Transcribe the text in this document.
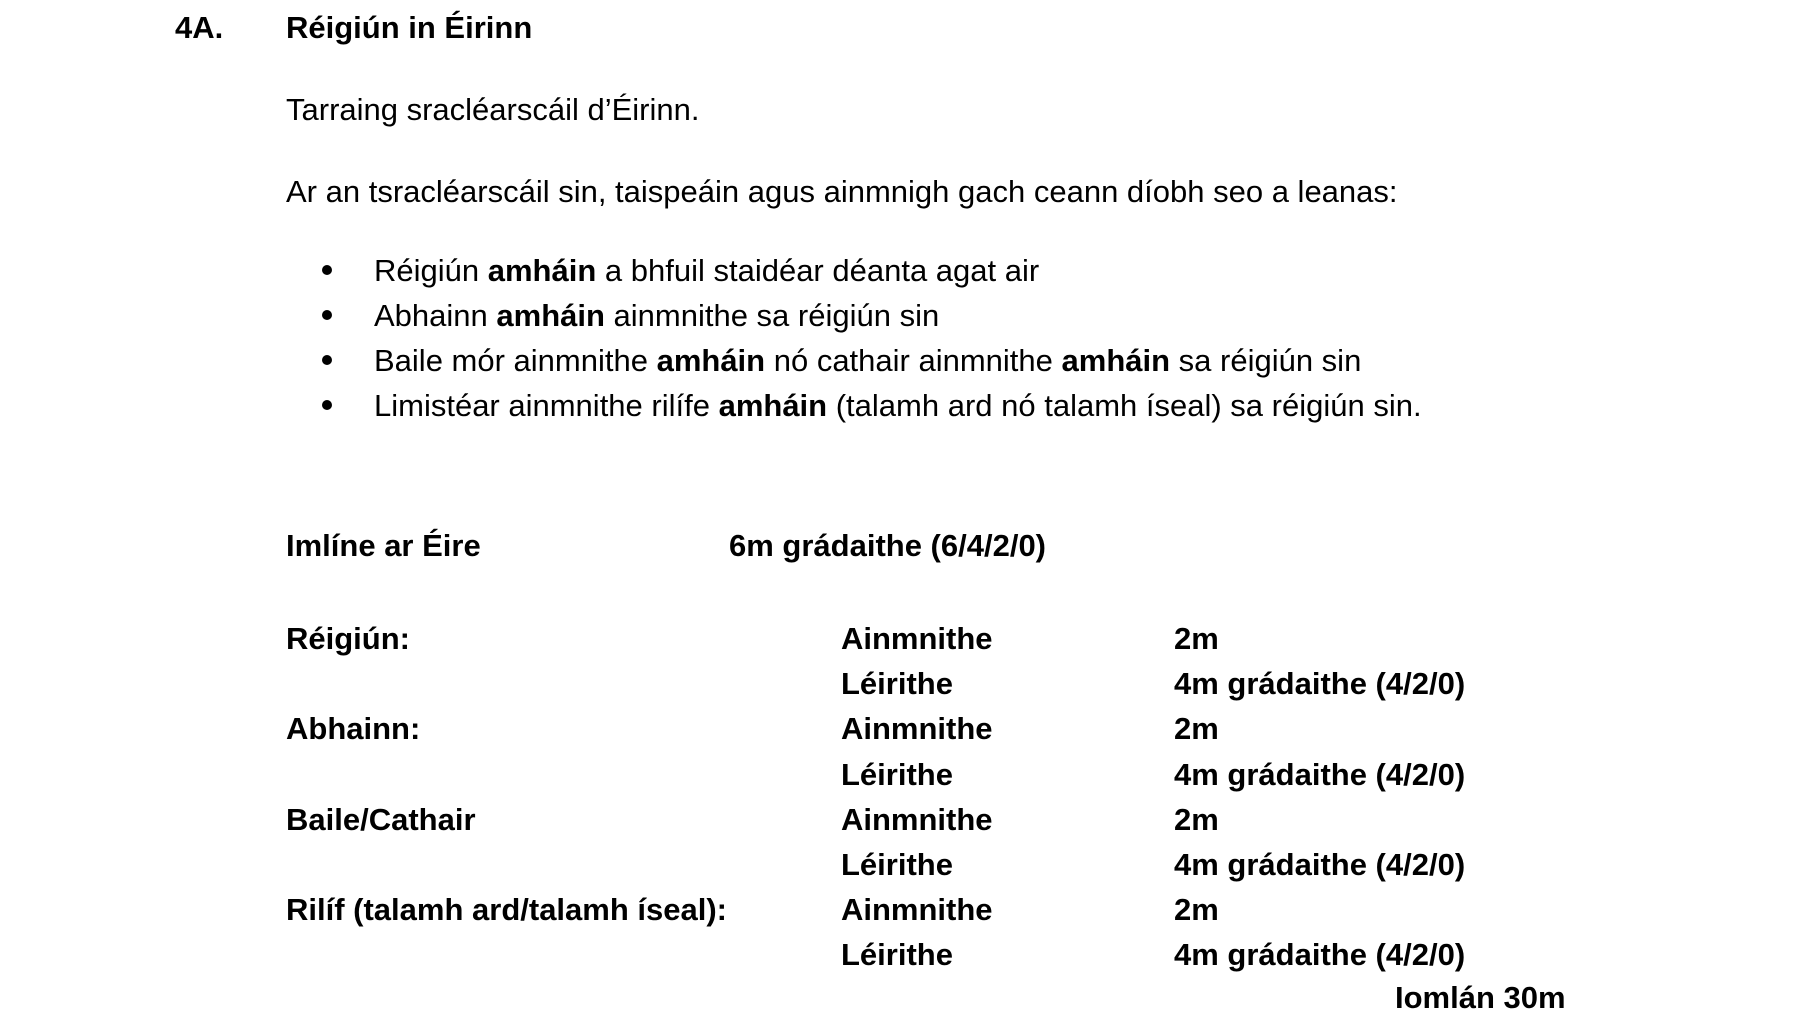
4A. Réigiún in Éirinn
Tarraing sracléarscáil d’Éirinn.
Ar an tsracléarscáil sin, taispeáin agus ainmnigh gach ceann díobh seo a leanas:
Réigiún amháin a bhfuil staidéar déanta agat air
Abhainn amháin ainmnithe sa réigiún sin
Baile mór ainmnithe amháin nó cathair ainmnithe amháin sa réigiún sin
Limistéar ainmnithe rilífe amháin (talamh ard nó talamh íseal) sa réigiún sin.
Imlíne ar Éire	6m grádaithe (6/4/2/0)
Réigiún:	Ainmnithe	2m
Léirithe	4m grádaithe (4/2/0)
Abhainn:	Ainmnithe	2m
Léirithe	4m grádaithe (4/2/0)
Baile/Cathair	Ainmnithe	2m
Léirithe	4m grádaithe (4/2/0)
Rilíf (talamh ard/talamh íseal):	Ainmnithe	2m
Léirithe	4m grádaithe (4/2/0)
Iomlán 30m
